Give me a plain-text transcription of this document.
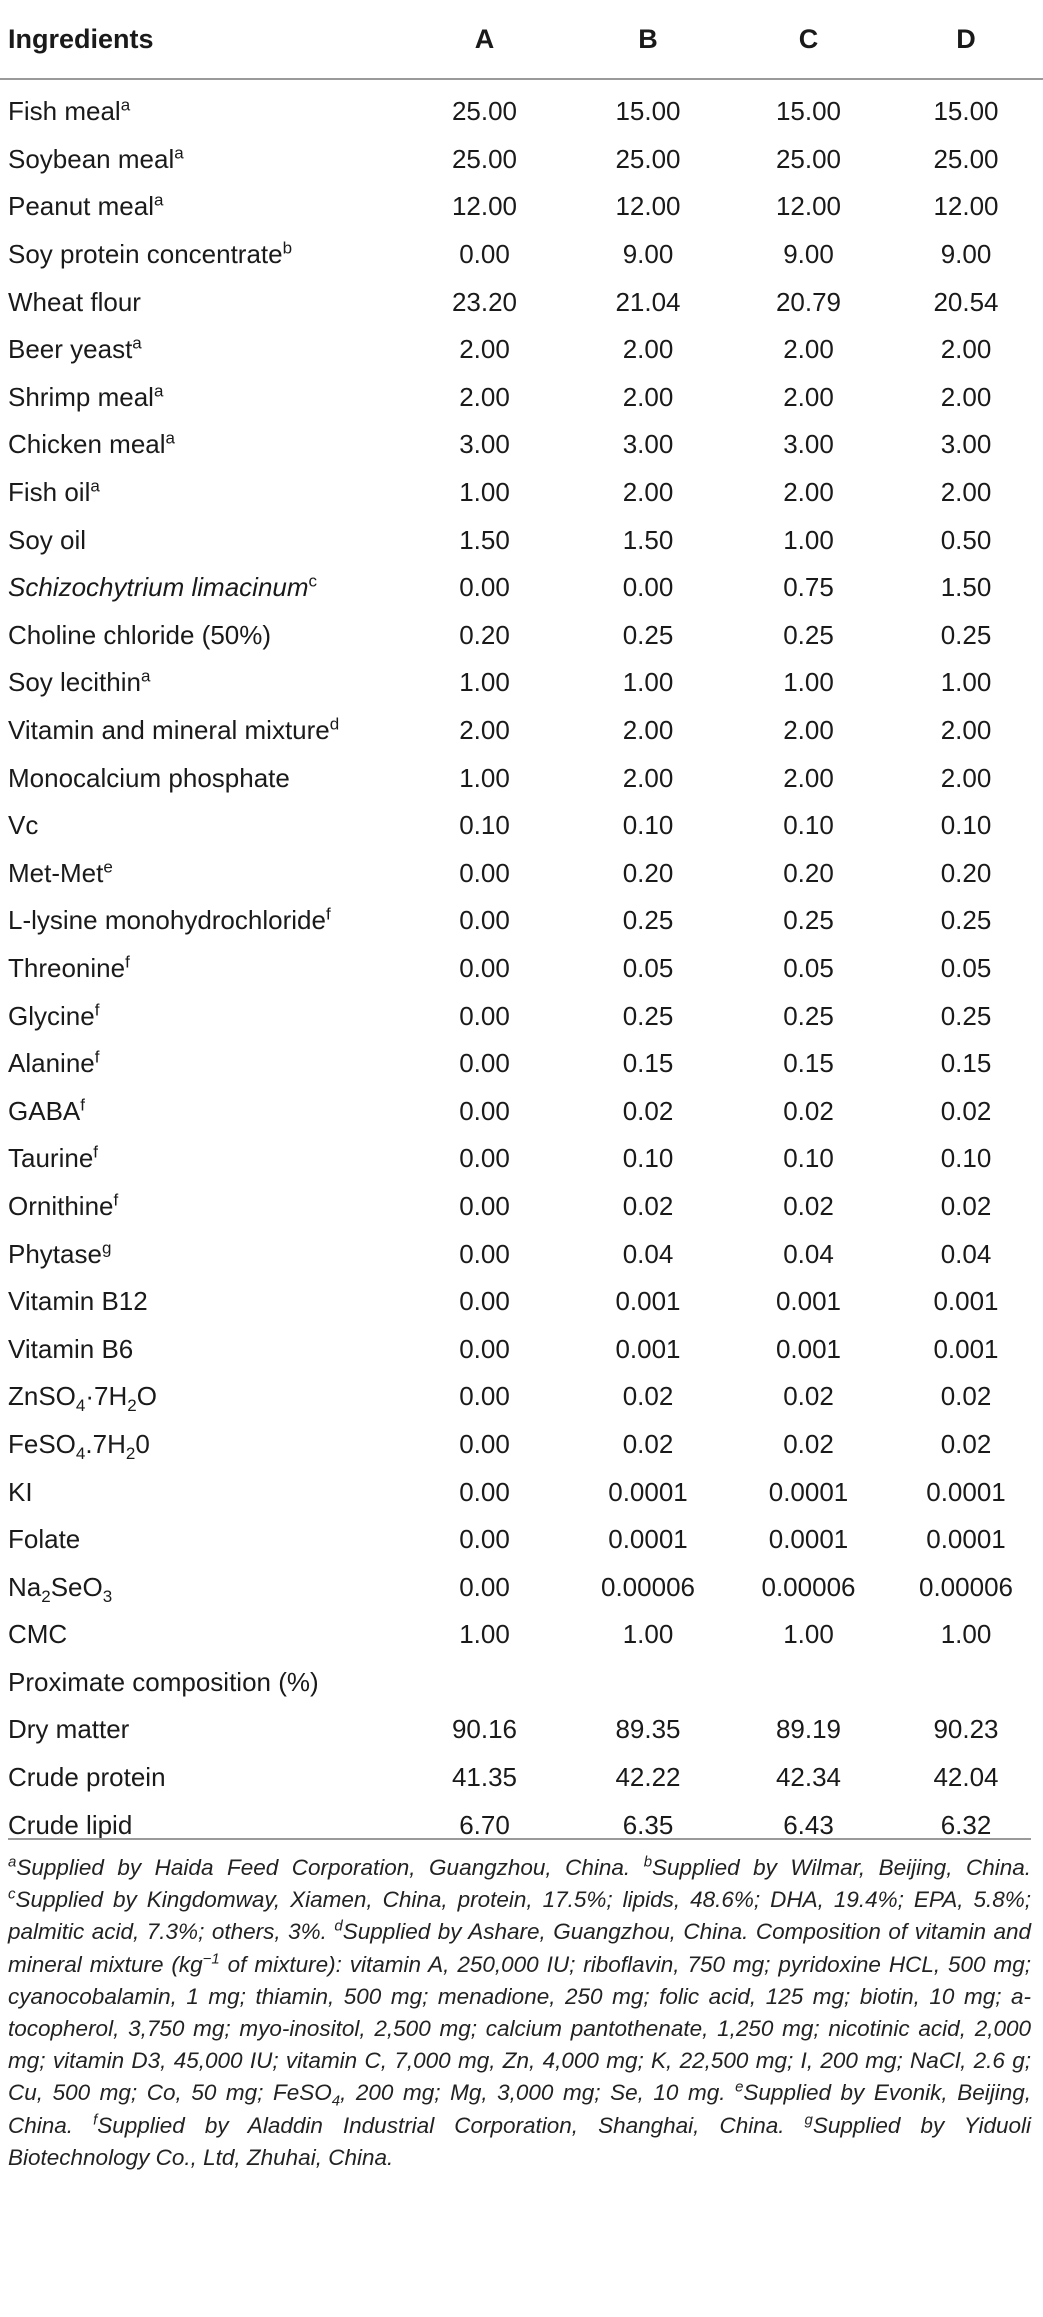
Ingredients	A	B	C	D
Fish meal$^a$	25.00	15.00	15.00	15.00
Soybean meal$^a$	25.00	25.00	25.00	25.00
Peanut meal$^a$	12.00	12.00	12.00	12.00
Soy protein concentrate$^b$	0.00	9.00	9.00	9.00
Wheat flour	23.20	21.04	20.79	20.54
Beer yeast$^a$	2.00	2.00	2.00	2.00
Shrimp meal$^a$	2.00	2.00	2.00	2.00
Chicken meal$^a$	3.00	3.00	3.00	3.00
Fish oil$^a$	1.00	2.00	2.00	2.00
Soy oil	1.50	1.50	1.00	0.50
Schizochytrium limacinum$^c$	0.00	0.00	0.75	1.50
Choline chloride (50%)	0.20	0.25	0.25	0.25
Soy lecithin$^a$	1.00	1.00	1.00	1.00
Vitamin and mineral mixture$^d$	2.00	2.00	2.00	2.00
Monocalcium phosphate	1.00	2.00	2.00	2.00
Vc	0.10	0.10	0.10	0.10
Met-Met$^e$	0.00	0.20	0.20	0.20
L-lysine monohydrochloride$^f$	0.00	0.25	0.25	0.25
Threonine$^f$	0.00	0.05	0.05	0.05
Glycine$^f$	0.00	0.25	0.25	0.25
Alanine$^f$	0.00	0.15	0.15	0.15
GABA$^f$	0.00	0.02	0.02	0.02
Taurine$^f$	0.00	0.10	0.10	0.10
Ornithine$^f$	0.00	0.02	0.02	0.02
Phytase$^g$	0.00	0.04	0.04	0.04
Vitamin B12	0.00	0.001	0.001	0.001
Vitamin B6	0.00	0.001	0.001	0.001
$ZnSO_4\cdot 7H_2O$	0.00	0.02	0.02	0.02
$FeSO_4.7H_20$	0.00	0.02	0.02	0.02
KI	0.00	0.0001	0.0001	0.0001
Folate	0.00	0.0001	0.0001	0.0001
$Na_2SeO_3$	0.00	0.00006	0.00006	0.00006
CMC	1.00	1.00	1.00	1.00
Proximate composition (%)				
Dry matter	90.16	89.35	89.19	90.23
Crude protein	41.35	42.22	42.34	42.04
Crude lipid	6.70	6.35	6.43	6.32
$^a$Supplied by Haida Feed Corporation, Guangzhou, China. $^b$Supplied by Wilmar, Beijing, China. $^c$Supplied by Kingdomway, Xiamen, China, protein, 17.5%; lipids, 48.6%; DHA, 19.4%; EPA, 5.8%; palmitic acid, 7.3%; others, 3%. $^d$Supplied by Ashare, Guangzhou, China. Composition of vitamin and mineral mixture ($kg^{-1}$ of mixture): vitamin A, 250,000 IU; riboflavin, 750 mg; pyridoxine HCL, 500 mg; cyanocobalamin, 1 mg; thiamin, 500 mg; menadione, 250 mg; folic acid, 125 mg; biotin, 10 mg; a-tocopherol, 3,750 mg; myo-inositol, 2,500 mg; calcium pantothenate, 1,250 mg; nicotinic acid, 2,000 mg; vitamin D3, 45,000 IU; vitamin C, 7,000 mg, Zn, 4,000 mg; K, 22,500 mg; I, 200 mg; NaCl, 2.6 g; Cu, 500 mg; Co, 50 mg; FeSO$_4$, 200 mg; Mg, 3,000 mg; Se, 10 mg. $^e$Supplied by Evonik, Beijing, China. $^f$Supplied by Aladdin Industrial Corporation, Shanghai, China. $^g$Supplied by Yiduoli Biotechnology Co., Ltd, Zhuhai, China.
